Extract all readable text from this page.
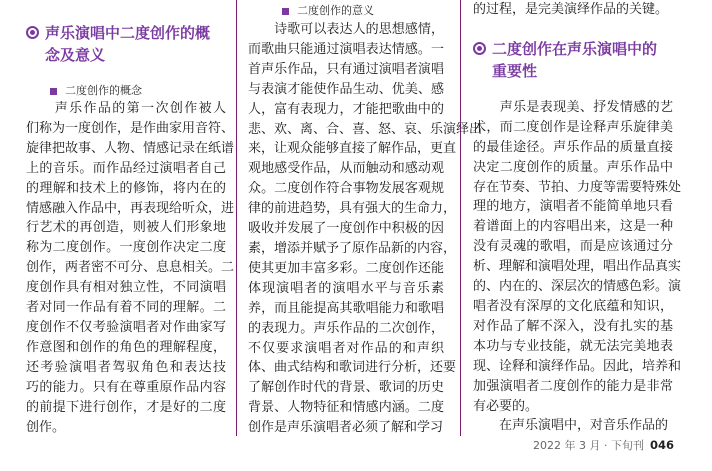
声乐演唱中二度创作的概
念及意义
二度创作的概念

　　声乐作品的第一次创作被人
们称为一度创作，是作曲家用音符、
旋律把故事、人物、情感记录在纸谱
上的音乐。而作品经过演唱者自己
的理解和技术上的修饰，将内在的
情感融入作品中，再表现给听众，进
行艺术的再创造，则被人们形象地
称为二度创作。一度创作决定二度
创作，两者密不可分、息息相关。二
度创作具有相对独立性，不同演唱
者对同一作品有着不同的理解。二
度创作不仅考验演唱者对作曲家写
作意图和创作的角色的理解程度，
还考验演唱者驾驭角色和表达技
巧的能力。只有在尊重原作品内容
的前提下进行创作，才是好的二度
创作。

二度创作的意义

　　诗歌可以表达人的思想感情，
而歌曲只能通过演唱表达情感。一
首声乐作品，只有通过演唱者演唱
与表演才能使作品生动、优美、感
人，富有表现力，才能把歌曲中的
悲、欢、离、合、喜、怒、哀、乐演绎出
来，让观众能够直接了解作品，更直
观地感受作品，从而触动和感动观
众。二度创作符合事物发展客观规
律的前进趋势，具有强大的生命力，
吸收并发展了一度创作中积极的因
素，增添并赋予了原作品新的内容，
使其更加丰富多彩。二度创作还能
体现演唱者的演唱水平与音乐素
养，而且能提高其歌唱能力和歌唱
的表现力。声乐作品的二次创作，
不仅要求演唱者对作品的和声织
体、曲式结构和歌词进行分析，还要
了解创作时代的背景、歌词的历史
背景、人物特征和情感内涵。二度
创作是声乐演唱者必须了解和学习

的过程，是完美演绎作品的关键。

二度创作在声乐演唱中的
重要性

　　声乐是表现美、抒发情感的艺
术，而二度创作是诠释声乐旋律美
的最佳途径。声乐作品的质量直接
决定二度创作的质量。声乐作品中
存在节奏、节拍、力度等需要特殊处
理的地方，演唱者不能简单地只看
着谱面上的内容唱出来，这是一种
没有灵魂的歌唱，而是应该通过分
析、理解和演唱处理，唱出作品真实
的、内在的、深层次的情感色彩。演
唱者没有深厚的文化底蕴和知识，
对作品了解不深入，没有扎实的基
本功与专业技能，就无法完美地表
现、诠释和演绎作品。因此，培养和
加强演唱者二度创作的能力是非常
有必要的。
　　在声乐演唱中，对音乐作品的

2022 年 3 月 · 下旬刊 046
